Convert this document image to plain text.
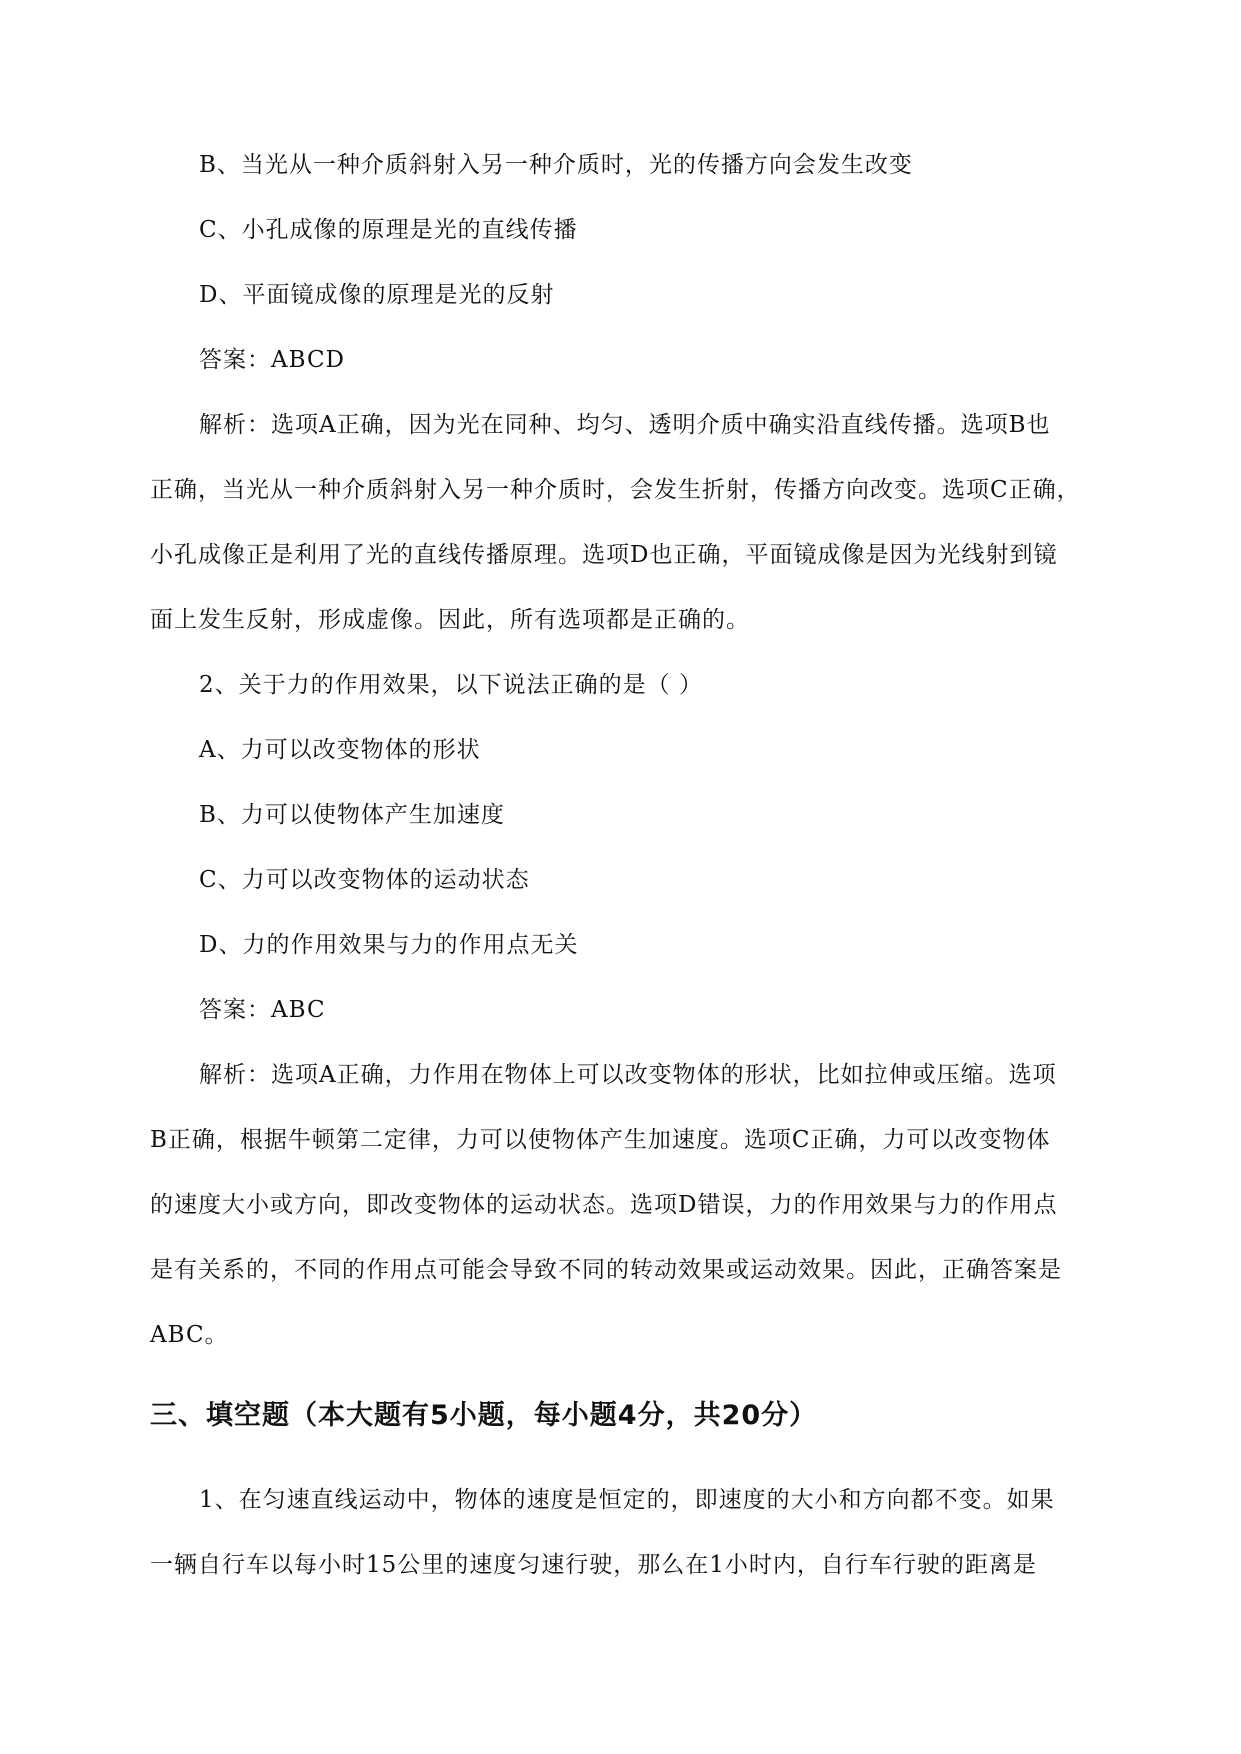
B、当光从一种介质斜射入另一种介质时，光的传播方向会发生改变
C、小孔成像的原理是光的直线传播
D、平面镜成像的原理是光的反射
答案：ABCD
解析：选项A正确，因为光在同种、均匀、透明介质中确实沿直线传播。选项B也
正确，当光从一种介质斜射入另一种介质时，会发生折射，传播方向改变。选项C正确，
小孔成像正是利用了光的直线传播原理。选项D也正确，平面镜成像是因为光线射到镜
面上发生反射，形成虚像。因此，所有选项都是正确的。
2、关于力的作用效果，以下说法正确的是（ ）
A、力可以改变物体的形状
B、力可以使物体产生加速度
C、力可以改变物体的运动状态
D、力的作用效果与力的作用点无关
答案：ABC
解析：选项A正确，力作用在物体上可以改变物体的形状，比如拉伸或压缩。选项
B正确，根据牛顿第二定律，力可以使物体产生加速度。选项C正确，力可以改变物体
的速度大小或方向，即改变物体的运动状态。选项D错误，力的作用效果与力的作用点
是有关系的，不同的作用点可能会导致不同的转动效果或运动效果。因此，正确答案是
ABC。
三、填空题（本大题有5小题，每小题4分，共20分）
1、在匀速直线运动中，物体的速度是恒定的，即速度的大小和方向都不变。如果
一辆自行车以每小时15公里的速度匀速行驶，那么在1小时内，自行车行驶的距离是
